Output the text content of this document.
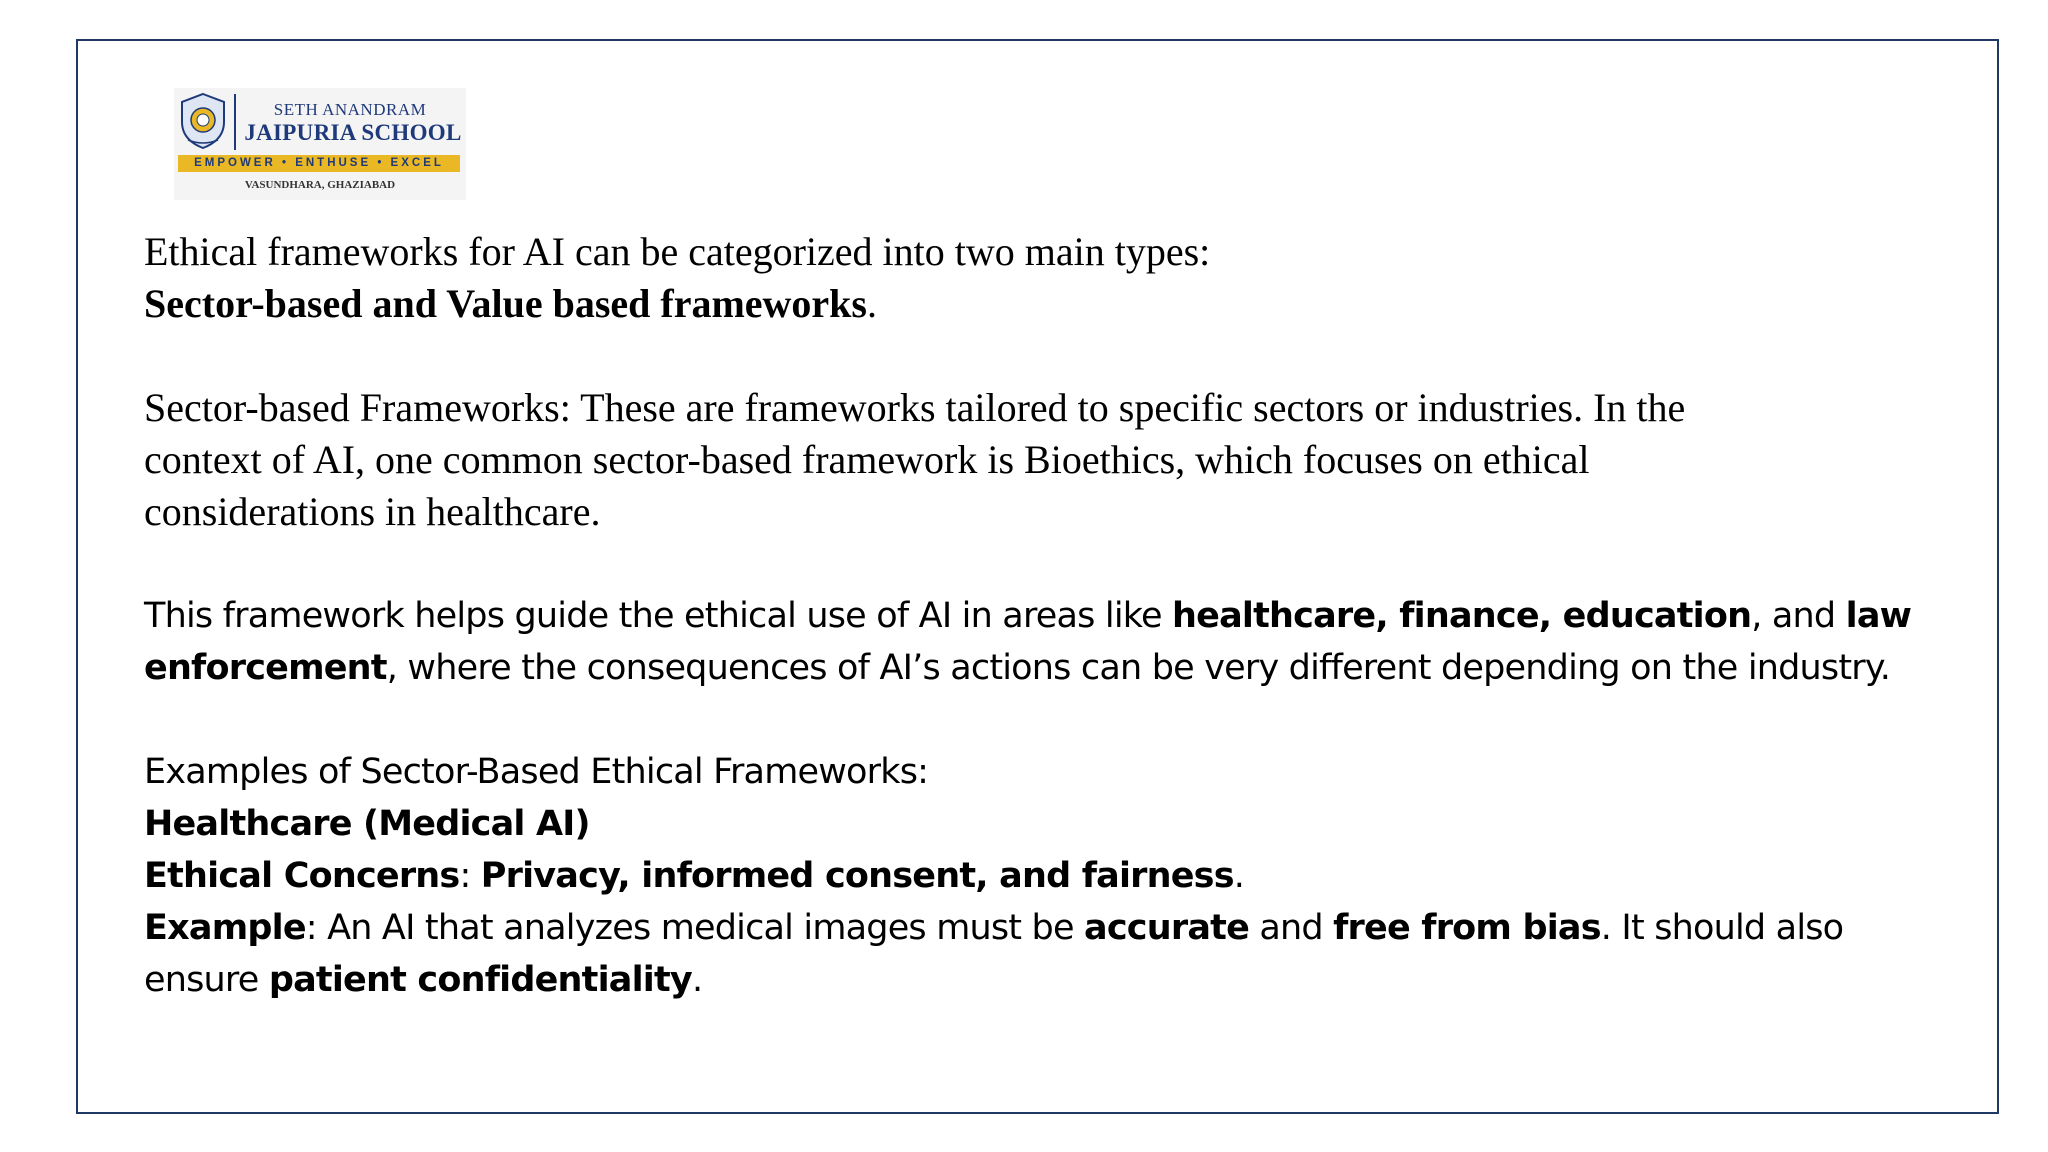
SETH ANANDRAM
JAIPURIA SCHOOL
EMPOWER • ENTHUSE • EXCEL
VASUNDHARA, GHAZIABAD
Ethical frameworks for AI can be categorized into two main types:
Sector-based and Value based frameworks.
Sector-based Frameworks: These are frameworks tailored to specific sectors or industries. In the
context of AI, one common sector-based framework is Bioethics, which focuses on ethical
considerations in healthcare.
This framework helps guide the ethical use of AI in areas like healthcare, finance, education, and law
enforcement, where the consequences of AI’s actions can be very different depending on the industry.
Examples of Sector-Based Ethical Frameworks:
Healthcare (Medical AI)
Ethical Concerns: Privacy, informed consent, and fairness.
Example: An AI that analyzes medical images must be accurate and free from bias. It should also
ensure patient confidentiality.
